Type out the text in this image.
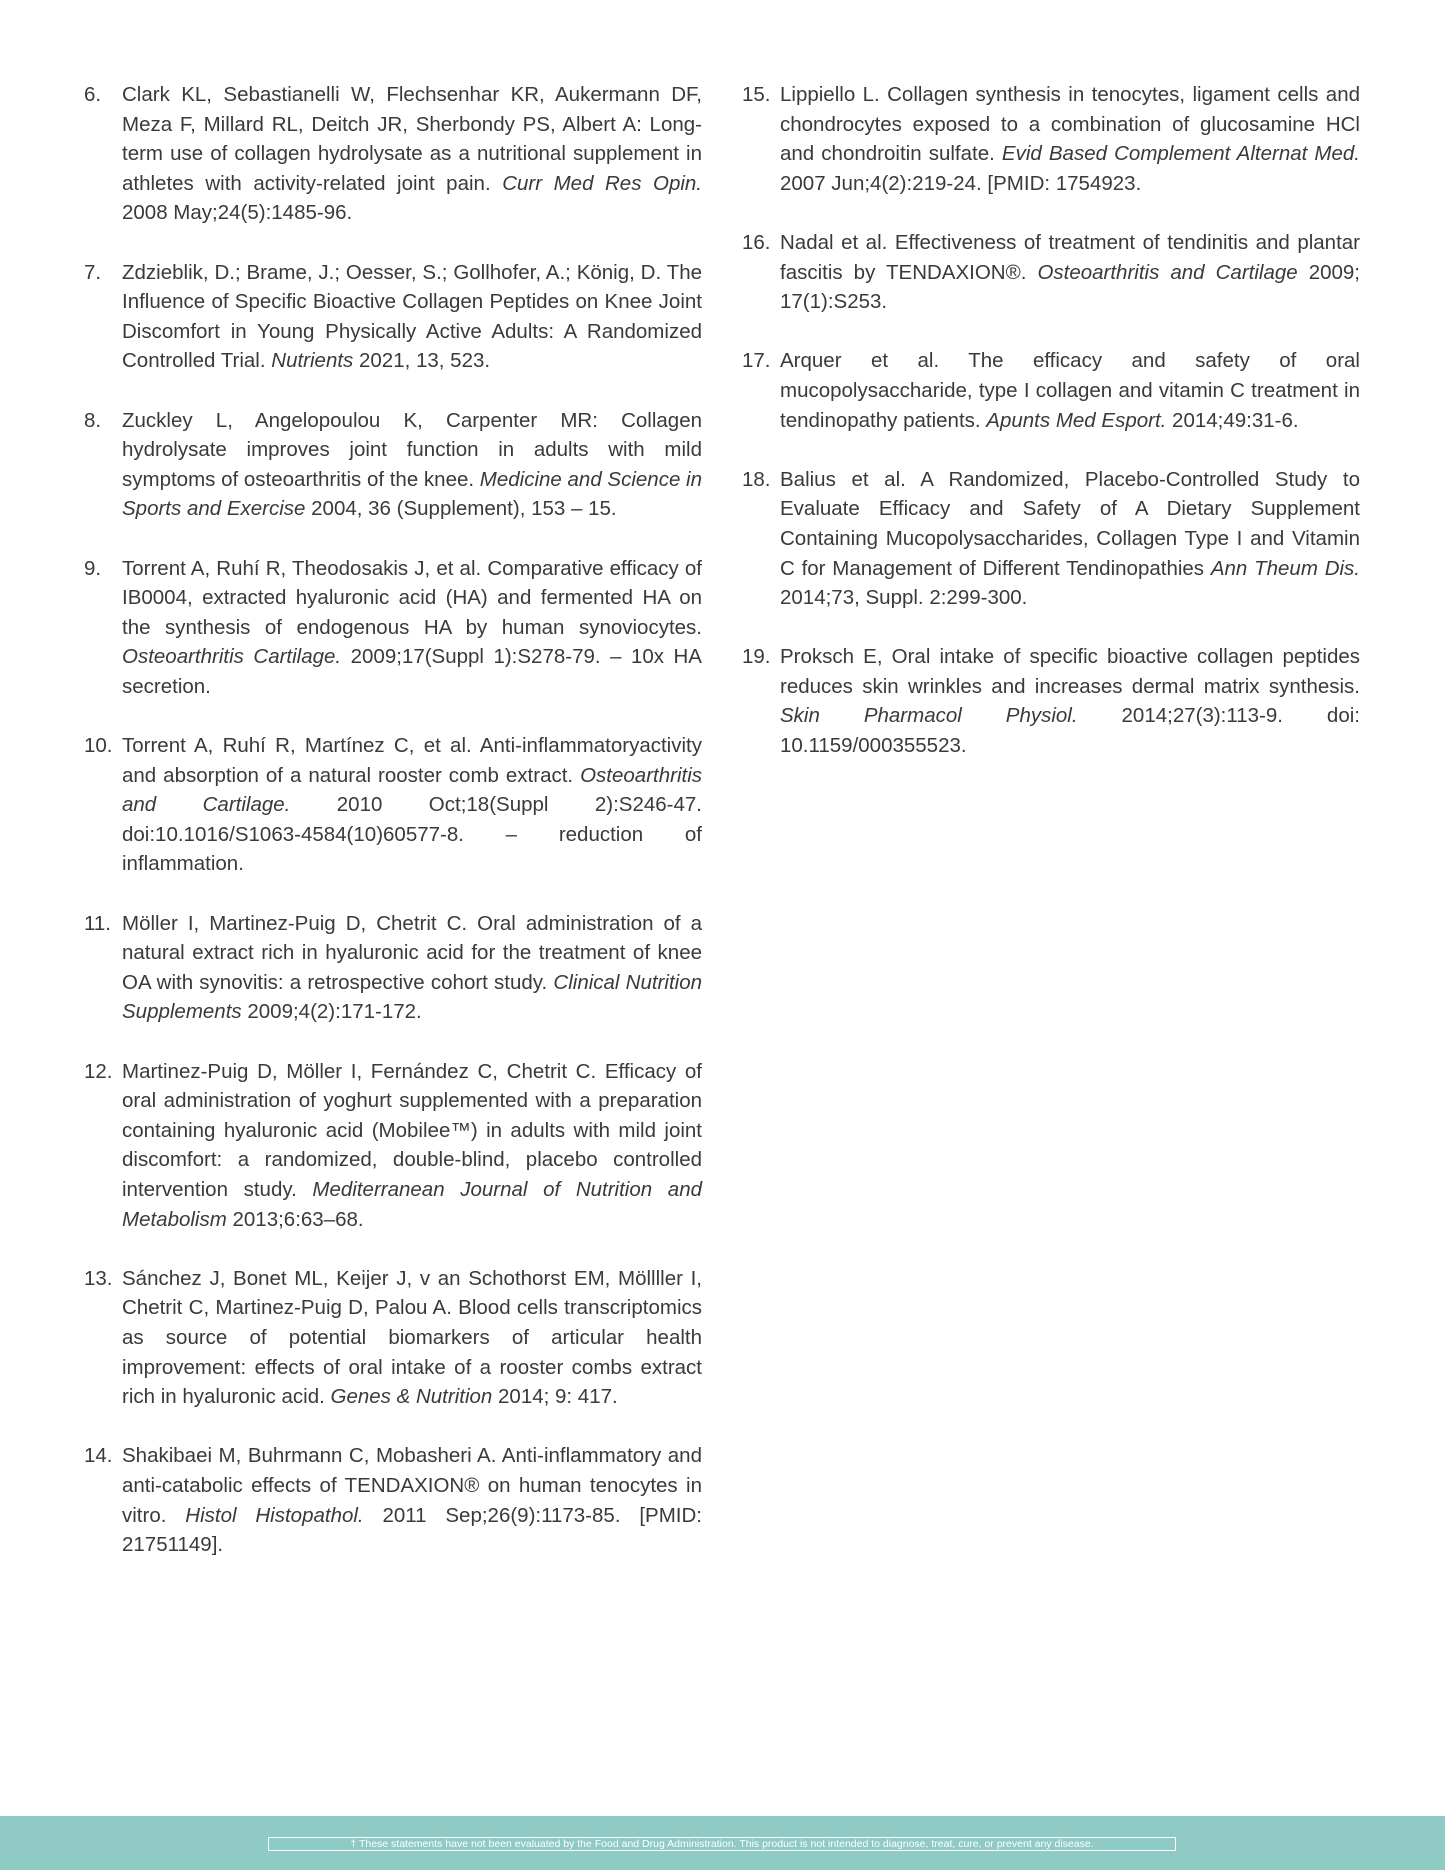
6. Clark KL, Sebastianelli W, Flechsenhar KR, Aukermann DF, Meza F, Millard RL, Deitch JR, Sherbondy PS, Albert A: Long-term use of collagen hydrolysate as a nutritional supplement in athletes with activity-related joint pain. Curr Med Res Opin. 2008 May;24(5):1485-96.
7. Zdzieblik, D.; Brame, J.; Oesser, S.; Gollhofer, A.; König, D. The Influence of Specific Bioactive Collagen Peptides on Knee Joint Discomfort in Young Physically Active Adults: A Randomized Controlled Trial. Nutrients 2021, 13, 523.
8. Zuckley L, Angelopoulou K, Carpenter MR: Collagen hydrolysate improves joint function in adults with mild symptoms of osteoarthritis of the knee. Medicine and Science in Sports and Exercise 2004, 36 (Supplement), 153 – 15.
9. Torrent A, Ruhí R, Theodosakis J, et al. Comparative efficacy of IB0004, extracted hyaluronic acid (HA) and fermented HA on the synthesis of endogenous HA by human synoviocytes. Osteoarthritis Cartilage. 2009;17(Suppl 1):S278-79. – 10x HA secretion.
10. Torrent A, Ruhí R, Martínez C, et al. Anti-inflammatoryactivity and absorption of a natural rooster comb extract. Osteoarthritis and Cartilage. 2010 Oct;18(Suppl 2):S246-47. doi:10.1016/S1063-4584(10)60577-8. – reduction of inflammation.
11. Möller I, Martinez-Puig D, Chetrit C. Oral administration of a natural extract rich in hyaluronic acid for the treatment of knee OA with synovitis: a retrospective cohort study. Clinical Nutrition Supplements 2009;4(2):171-172.
12. Martinez-Puig D, Möller I, Fernández C, Chetrit C. Efficacy of oral administration of yoghurt supplemented with a preparation containing hyaluronic acid (Mobilee™) in adults with mild joint discomfort: a randomized, double-blind, placebo controlled intervention study. Mediterranean Journal of Nutrition and Metabolism 2013;6:63–68.
13. Sánchez J, Bonet ML, Keijer J, v an Schothorst EM, Möllller I, Chetrit C, Martinez-Puig D, Palou A. Blood cells transcriptomics as source of potential biomarkers of articular health improvement: effects of oral intake of a rooster combs extract rich in hyaluronic acid. Genes & Nutrition 2014; 9: 417.
14. Shakibaei M, Buhrmann C, Mobasheri A. Anti-inflammatory and anti-catabolic effects of TENDAXION® on human tenocytes in vitro. Histol Histopathol. 2011 Sep;26(9):1173-85. [PMID: 21751149].
15. Lippiello L. Collagen synthesis in tenocytes, ligament cells and chondrocytes exposed to a combination of glucosamine HCl and chondroitin sulfate. Evid Based Complement Alternat Med. 2007 Jun;4(2):219-24. [PMID: 1754923.
16. Nadal et al. Effectiveness of treatment of tendinitis and plantar fascitis by TENDAXION®. Osteoarthritis and Cartilage 2009; 17(1):S253.
17. Arquer et al. The efficacy and safety of oral mucopolysaccharide, type I collagen and vitamin C treatment in tendinopathy patients. Apunts Med Esport. 2014;49:31-6.
18. Balius et al. A Randomized, Placebo-Controlled Study to Evaluate Efficacy and Safety of A Dietary Supplement Containing Mucopolysaccharides, Collagen Type I and Vitamin C for Management of Different Tendinopathies Ann Theum Dis. 2014;73, Suppl. 2:299-300.
19. Proksch E, Oral intake of specific bioactive collagen peptides reduces skin wrinkles and increases dermal matrix synthesis. Skin Pharmacol Physiol. 2014;27(3):113-9. doi: 10.1159/000355523.
† These statements have not been evaluated by the Food and Drug Administration. This product is not intended to diagnose, treat, cure, or prevent any disease.
